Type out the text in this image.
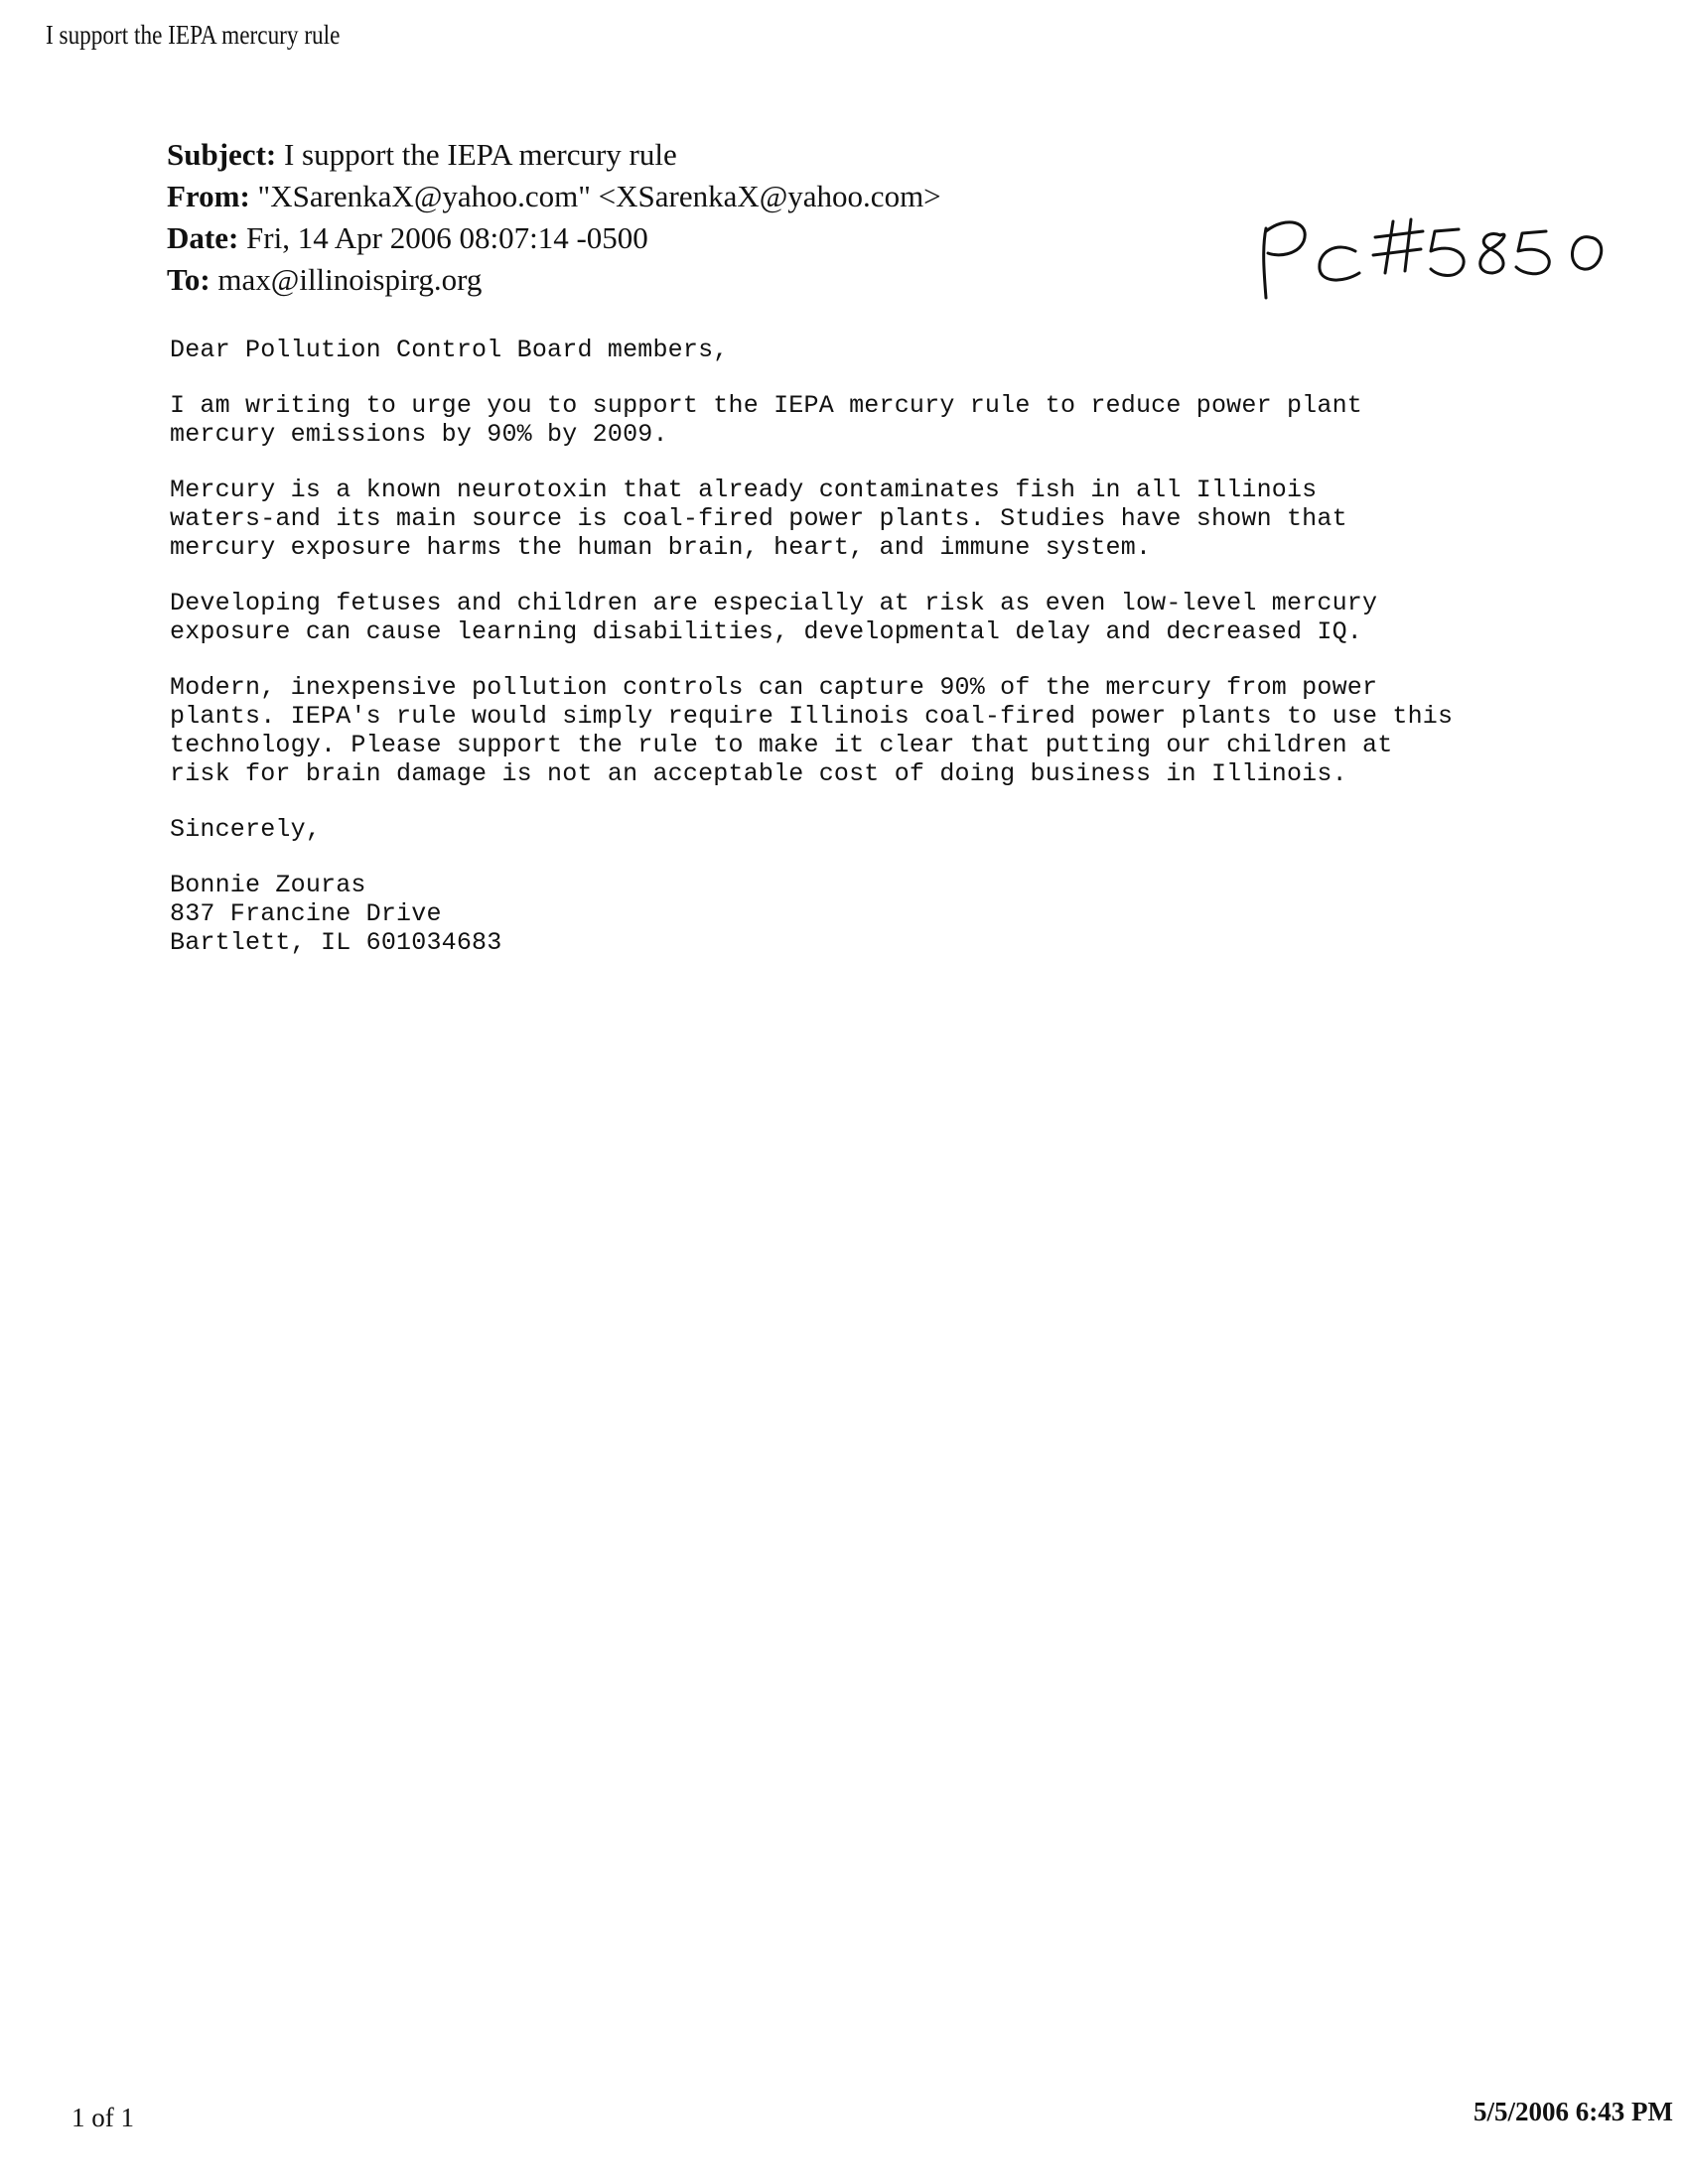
I support the IEPA mercury rule
Subject: I support the IEPA mercury rule
From: "XSarenkaX@yahoo.com" <XSarenkaX@yahoo.com>
Date: Fri, 14 Apr 2006 08:07:14 -0500
To: max@illinoispirg.org

Dear Pollution Control Board members,

I am writing to urge you to support the IEPA mercury rule to reduce power plant

mercury emissions by 90% by 2009.

Mercury is a known neurotoxin that already contaminates fish in all Illinois

waters-and its main source is coal-fired power plants. Studies have shown that

mercury exposure harms the human brain, heart, and immune system.

Developing fetuses and children are especially at risk as even low-level mercury

exposure can cause learning disabilities, developmental delay and decreased IQ.

Modern, inexpensive pollution controls can capture 90% of the mercury from power

plants. IEPA's rule would simply require Illinois coal-fired power plants to use this

technology. Please support the rule to make it clear that putting our children at

risk for brain damage is not an acceptable cost of doing business in Illinois.

Sincerely,

Bonnie Zouras

837 Francine Drive

Bartlett, IL 601034683

1 of 1	5/5/2006 6:43 PM
